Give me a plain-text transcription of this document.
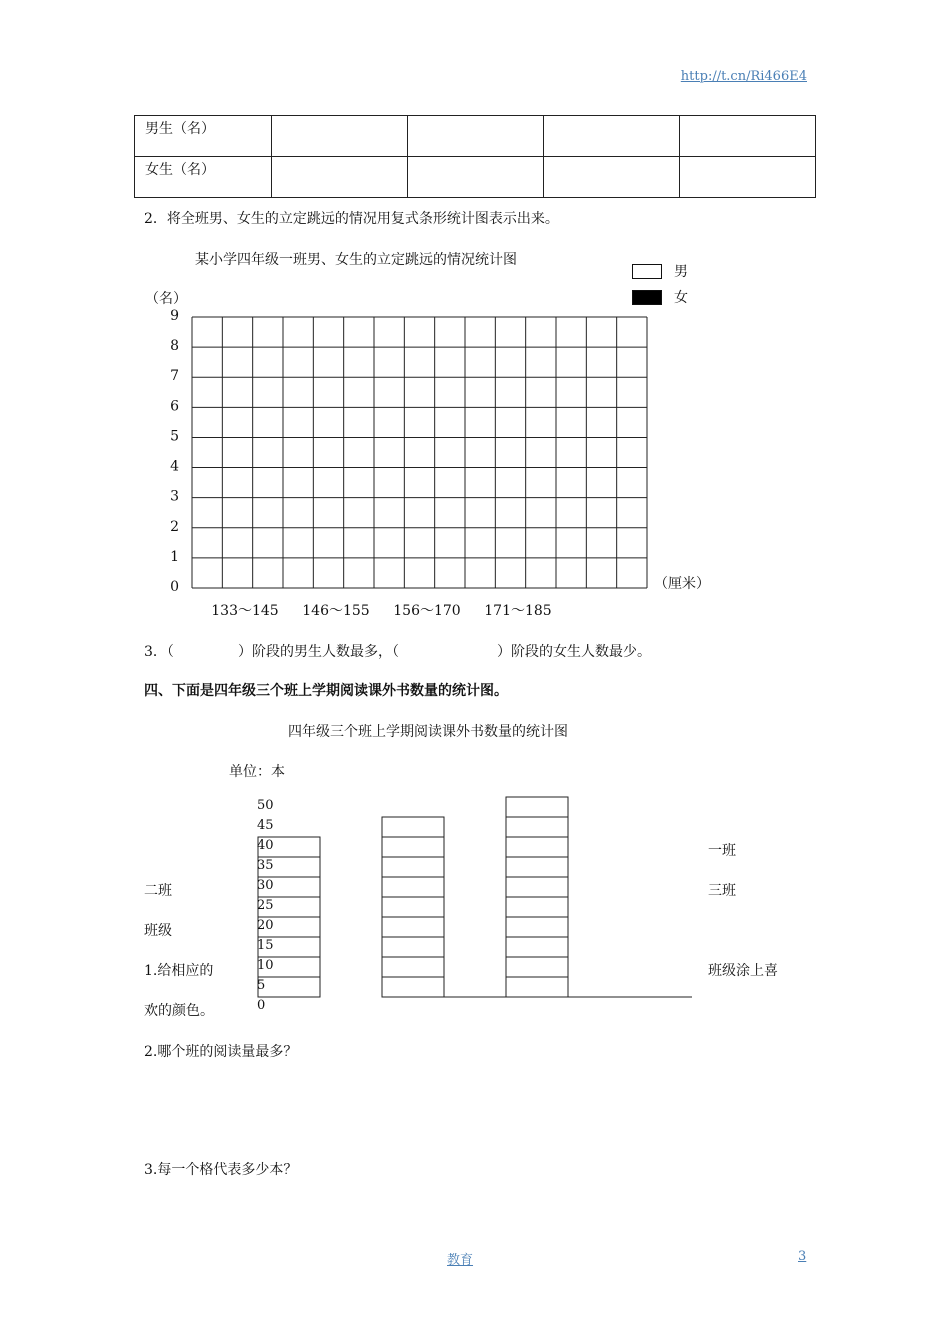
http://t.cn/Ri466E4
男生（名）				
女生（名）				
2．将全班男、女生的立定跳远的情况用复式条形统计图表示出来。
某小学四年级一班男、女生的立定跳远的情况统计图
男
女
（名）
（厘米）
0
1
2
3
4
5
6
7
8
9
133～145 146～155 156～170 171～185
3．（	）阶段的男生人数最多，（	）阶段的女生人数最少。
四、下面是四年级三个班上学期阅读课外书数量的统计图。
四年级三个班上学期阅读课外书数量的统计图
单位：本
0
5
10
15
20
25
30
35
40
45
50
一班
二班	三班
班级
1.给相应的	班级涂上喜
欢的颜色。
2.哪个班的阅读量最多？
3.每一个格代表多少本？
教育	3
